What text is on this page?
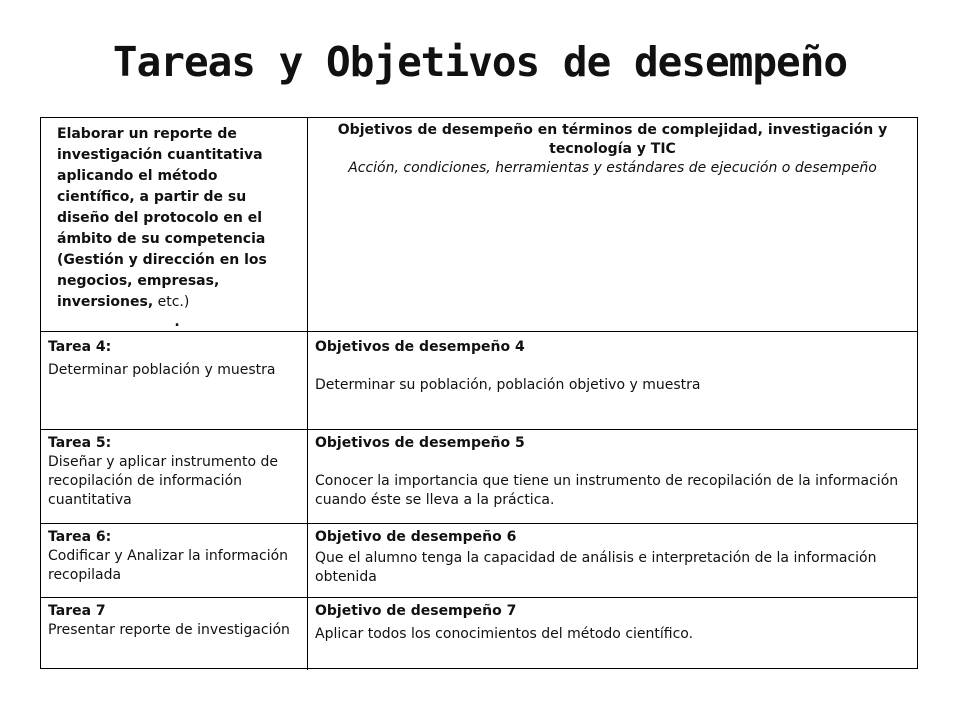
Tareas y Objetivos de desempeño
Elaborar un reporte de investigación cuantitativa aplicando el método científico, a partir de su diseño del protocolo en el ámbito de su competencia (Gestión y dirección en los negocios, empresas, inversiones, etc.)
.
Objetivos de desempeño en términos de complejidad, investigación y tecnología y TIC
Acción, condiciones, herramientas y estándares de ejecución o desempeño
Tarea 4:
Determinar población y muestra
Objetivos de desempeño 4
Determinar su población, población objetivo y muestra
Tarea 5:
Diseñar y aplicar instrumento de recopilación de información cuantitativa
Objetivos de desempeño 5
Conocer la importancia que tiene un instrumento de recopilación de la información cuando éste se lleva a la práctica.
Tarea 6:
Codificar y Analizar la información recopilada
Objetivo de desempeño 6
Que el alumno tenga la capacidad de análisis e interpretación de la información obtenida
Tarea 7
Presentar reporte de investigación
Objetivo de desempeño 7
Aplicar todos los conocimientos del método científico.
